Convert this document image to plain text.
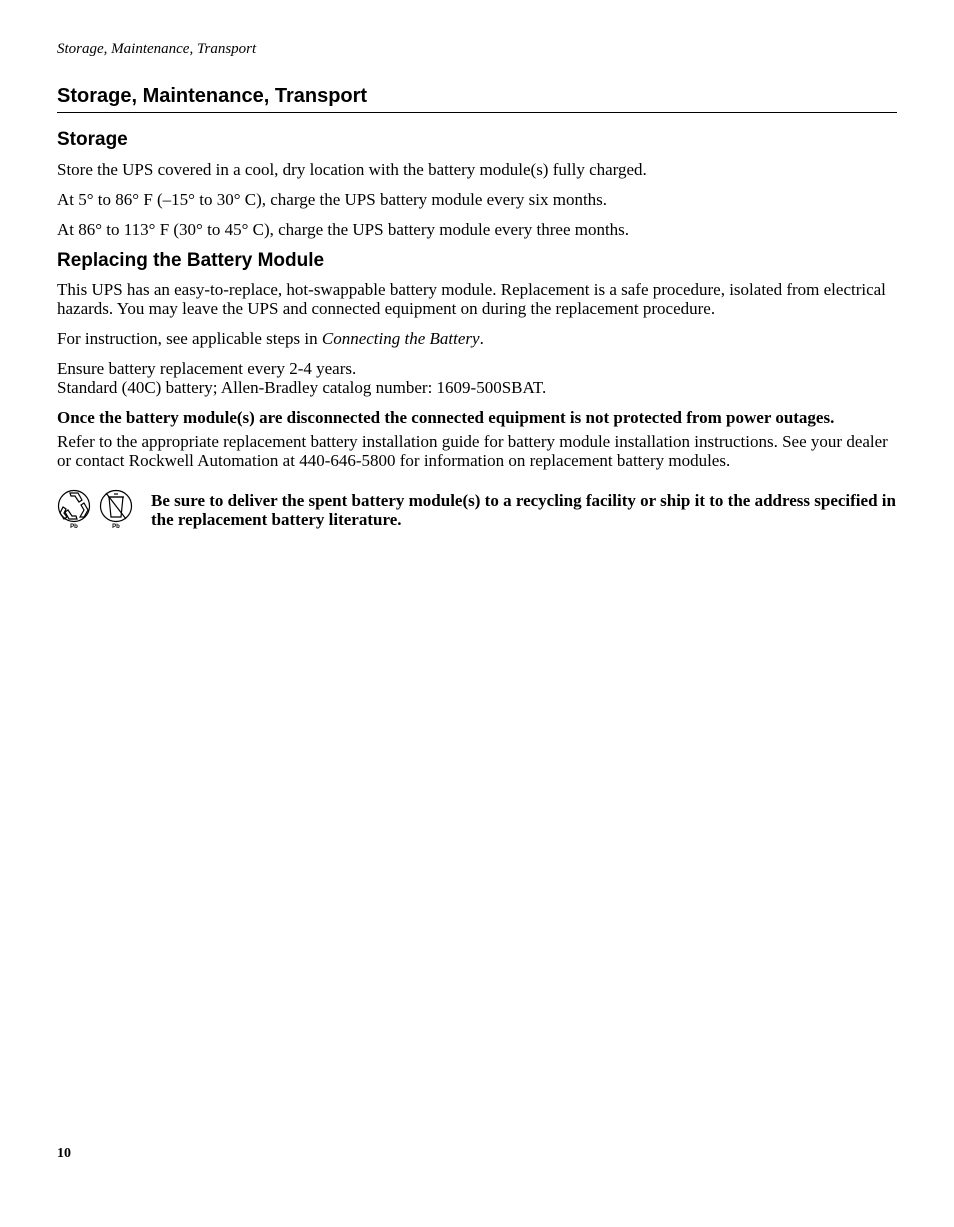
Storage, Maintenance, Transport
Storage, Maintenance, Transport
Storage

Store the UPS covered in a cool, dry location with the battery module(s) fully charged.

At 5° to 86° F (–15° to 30° C), charge the UPS battery module every six months.

At 86° to 113° F (30° to 45° C), charge the UPS battery module every three months.

Replacing the Battery Module

This UPS has an easy-to-replace, hot-swappable battery module. Replacement is a safe procedure, isolated from electrical hazards. You may leave the UPS and connected equipment on during the replacement procedure.

For instruction, see applicable steps in Connecting the Battery.

Ensure battery replacement every 2-4 years.
Standard (40C) battery; Allen-Bradley catalog number: 1609-500SBAT.

Once the battery module(s) are disconnected the connected equipment is not protected from power outages.

Refer to the appropriate replacement battery installation guide for battery module installation instructions. See your dealer or contact Rockwell Automation at 440-646-5800 for information on replacement battery modules.

Pb	Pb
Be sure to deliver the spent battery module(s) to a recycling facility or ship it to the address specified in the replacement battery literature.
10
